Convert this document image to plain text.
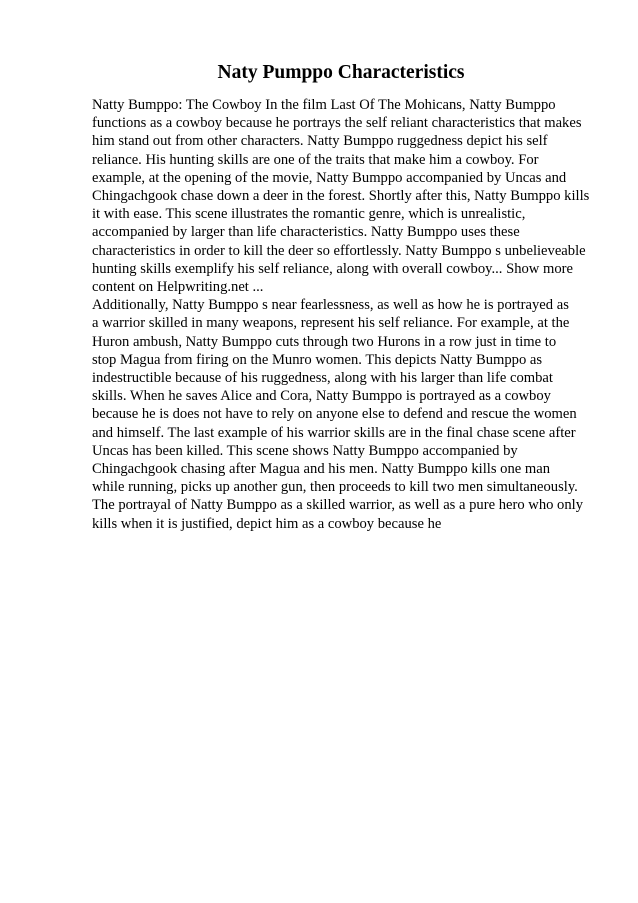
Naty Pumppo Characteristics
Natty Bumppo: The Cowboy In the film Last Of The Mohicans, Natty Bumppo
functions as a cowboy because he portrays the self reliant characteristics that makes
him stand out from other characters. Natty Bumppo ruggedness depict his self
reliance. His hunting skills are one of the traits that make him a cowboy. For
example, at the opening of the movie, Natty Bumppo accompanied by Uncas and
Chingachgook chase down a deer in the forest. Shortly after this, Natty Bumppo kills
it with ease. This scene illustrates the romantic genre, which is unrealistic,
accompanied by larger than life characteristics. Natty Bumppo uses these
characteristics in order to kill the deer so effortlessly. Natty Bumppo s unbelieveable
hunting skills exemplify his self reliance, along with overall cowboy... Show more
content on Helpwriting.net ...
Additionally, Natty Bumppo s near fearlessness, as well as how he is portrayed as
a warrior skilled in many weapons, represent his self reliance. For example, at the
Huron ambush, Natty Bumppo cuts through two Hurons in a row just in time to
stop Magua from firing on the Munro women. This depicts Natty Bumppo as
indestructible because of his ruggedness, along with his larger than life combat
skills. When he saves Alice and Cora, Natty Bumppo is portrayed as a cowboy
because he is does not have to rely on anyone else to defend and rescue the women
and himself. The last example of his warrior skills are in the final chase scene after
Uncas has been killed. This scene shows Natty Bumppo accompanied by
Chingachgook chasing after Magua and his men. Natty Bumppo kills one man
while running, picks up another gun, then proceeds to kill two men simultaneously.
The portrayal of Natty Bumppo as a skilled warrior, as well as a pure hero who only
kills when it is justified, depict him as a cowboy because he
